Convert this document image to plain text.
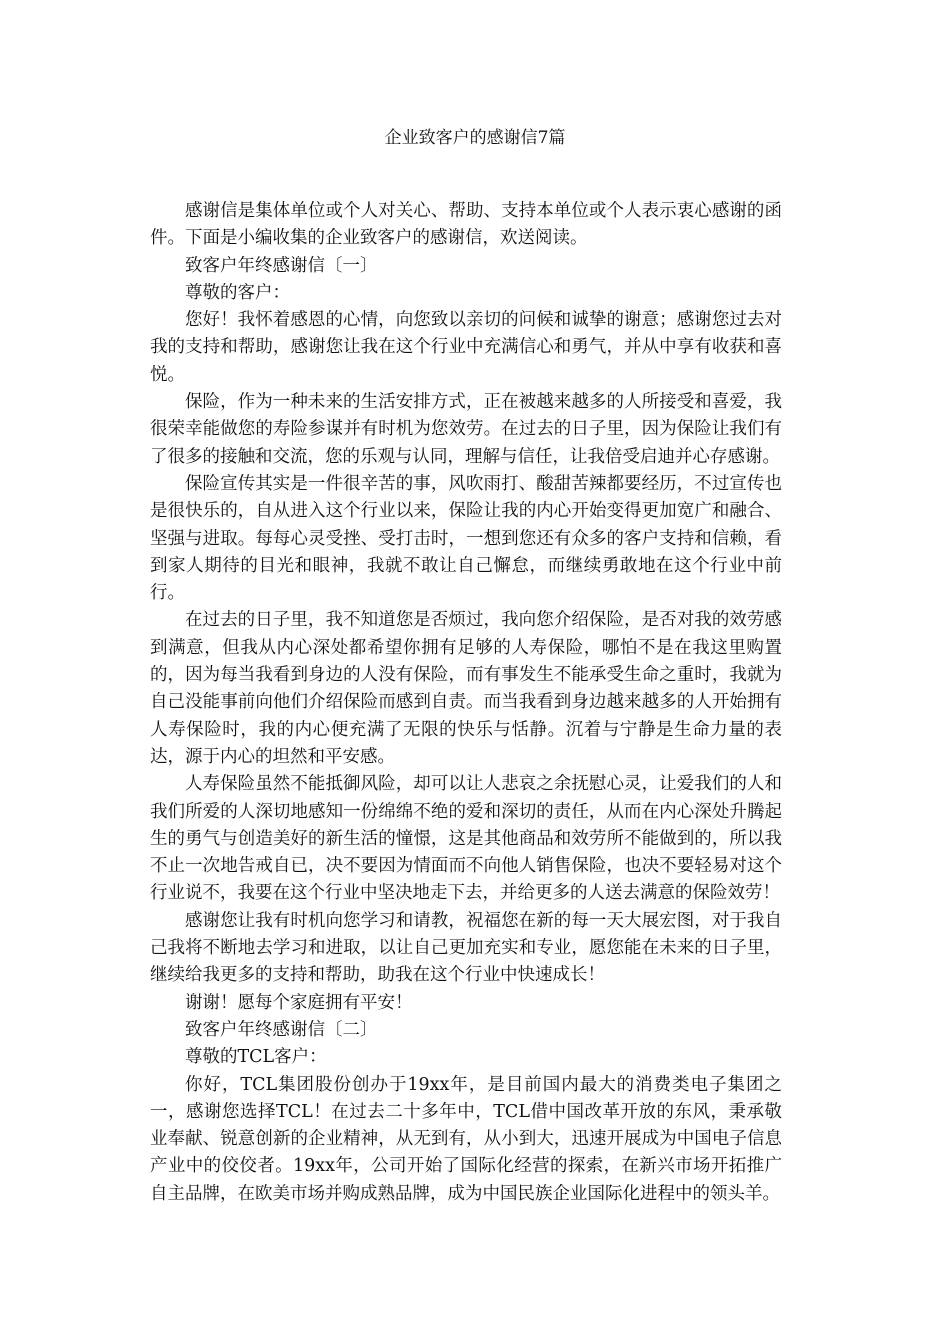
企业致客户的感谢信7篇

感谢信是集体单位或个人对关心、帮助、支持本单位或个人表示衷心感谢的函件。下面是小编收集的企业致客户的感谢信，欢送阅读。

致客户年终感谢信〔一〕

尊敬的客户：

您好！我怀着感恩的心情，向您致以亲切的问候和诚挚的谢意；感谢您过去对我的支持和帮助，感谢您让我在这个行业中充满信心和勇气，并从中享有收获和喜悦。

保险，作为一种未来的生活安排方式，正在被越来越多的人所接受和喜爱，我很荣幸能做您的寿险参谋并有时机为您效劳。在过去的日子里，因为保险让我们有了很多的接触和交流，您的乐观与认同，理解与信任，让我倍受启迪并心存感谢。

保险宣传其实是一件很辛苦的事，风吹雨打、酸甜苦辣都要经历，不过宣传也是很快乐的，自从进入这个行业以来，保险让我的内心开始变得更加宽广和融合、坚强与进取。每每心灵受挫、受打击时，一想到您还有众多的客户支持和信赖，看到家人期待的目光和眼神，我就不敢让自己懈怠，而继续勇敢地在这个行业中前行。

在过去的日子里，我不知道您是否烦过，我向您介绍保险，是否对我的效劳感到满意，但我从内心深处都希望你拥有足够的人寿保险，哪怕不是在我这里购置的，因为每当我看到身边的人没有保险，而有事发生不能承受生命之重时，我就为自己没能事前向他们介绍保险而感到自责。而当我看到身边越来越多的人开始拥有人寿保险时，我的内心便充满了无限的快乐与恬静。沉着与宁静是生命力量的表达，源于内心的坦然和平安感。

人寿保险虽然不能抵御风险，却可以让人悲哀之余抚慰心灵，让爱我们的人和我们所爱的人深切地感知一份绵绵不绝的爱和深切的责任，从而在内心深处升腾起生的勇气与创造美好的新生活的憧憬，这是其他商品和效劳所不能做到的，所以我不止一次地告戒自已，决不要因为情面而不向他人销售保险，也决不要轻易对这个行业说不，我要在这个行业中坚决地走下去，并给更多的人送去满意的保险效劳！

感谢您让我有时机向您学习和请教，祝福您在新的每一天大展宏图，对于我自己我将不断地去学习和进取，以让自己更加充实和专业，愿您能在未来的日子里，继续给我更多的支持和帮助，助我在这个行业中快速成长！

谢谢！愿每个家庭拥有平安！

致客户年终感谢信〔二〕

尊敬的TCL客户：

你好，TCL集团股份创办于19xx年，是目前国内最大的消费类电子集团之一，感谢您选择TCL！在过去二十多年中，TCL借中国改革开放的东风，秉承敬业奉献、锐意创新的企业精神，从无到有，从小到大，迅速开展成为中国电子信息产业中的佼佼者。19xx年，公司开始了国际化经营的探索，在新兴市场开拓推广自主品牌，在欧美市场并购成熟品牌，成为中国民族企业国际化进程中的领头羊。
